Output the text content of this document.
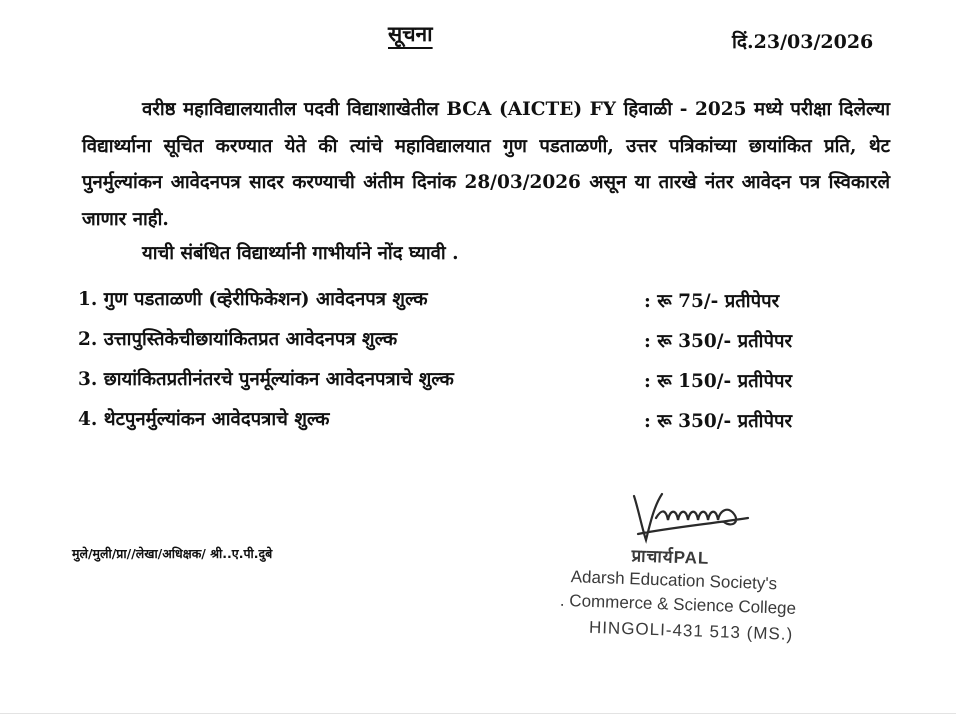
सूचना	दिं.23/03/2026
वरीष्ठ महाविद्यालयातील पदवी विद्याशाखेतील BCA (AICTE) FY हिवाळी - 2025 मध्ये परीक्षा दिलेल्या विद्यार्थ्याना सूचित करण्यात येते की त्यांचे महाविद्यालयात गुण पडताळणी, उत्तर पत्रिकांच्या छायांकित प्रति, थेट पुनर्मुल्यांकन आवेदनपत्र सादर करण्याची अंतीम दिनांक 28/03/2026 असून या तारखे नंतर आवेदन पत्र स्विकारले जाणार नाही.
याची संबंधित विद्यार्थ्यानी गाभीर्याने नोंद घ्यावी .
1. गुण पडताळणी (व्हेरीफिकेशन) आवेदनपत्र शुल्क	: रू 75/- प्रतीपेपर
2. उत्तापुस्तिकेचीछायांकितप्रत आवेदनपत्र शुल्क	: रू 350/- प्रतीपेपर
3. छायांकितप्रतीनंतरचे पुनर्मूल्यांकन आवेदनपत्राचे शुल्क	: रू 150/- प्रतीपेपर
4. थेटपुनर्मुल्यांकन आवेदपत्राचे शुल्क	: रू 350/- प्रतीपेपर
मुले/मुली/प्रा//लेखा/अधिक्षक/ श्री..ए.पी.दुबे	प्राचार्यPAL
Adarsh Education Society's
. Commerce & Science College
HINGOLI-431 513 (MS.)
